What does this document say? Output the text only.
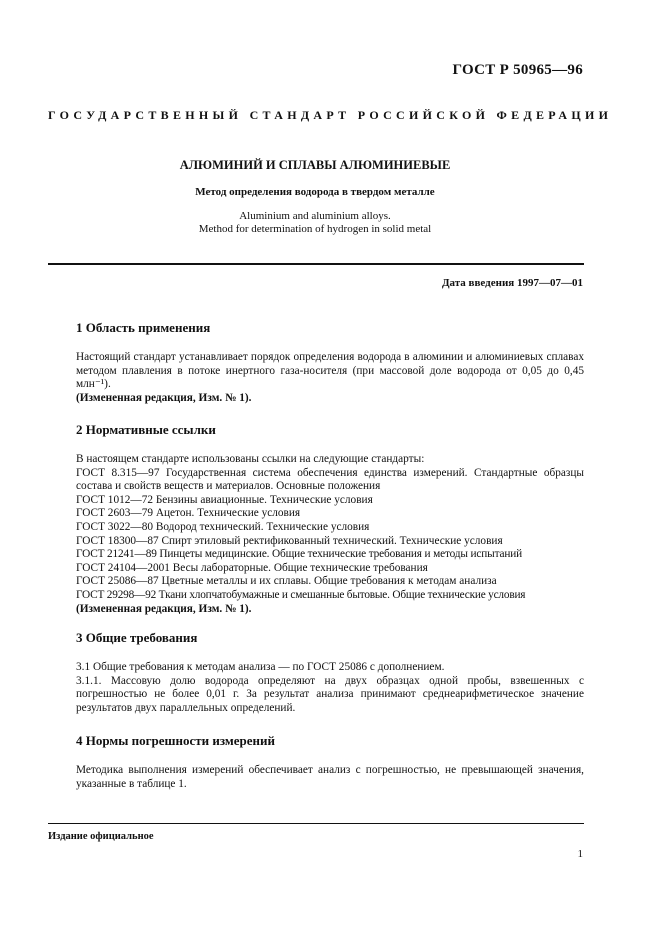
ГОСТ Р 50965—96
ГОСУДАРСТВЕННЫЙ СТАНДАРТ РОССИЙСКОЙ ФЕДЕРАЦИИ
АЛЮМИНИЙ И СПЛАВЫ АЛЮМИНИЕВЫЕ
Метод определения водорода в твердом металле
Aluminium and aluminium alloys.
Method for determination of hydrogen in solid metal
Дата введения 1997—07—01
1 Область применения

Настоящий стандарт устанавливает порядок определения водорода в алюминии и алюминиевых сплавах методом плавления в потоке инертного газа-носителя (при массовой доле водорода от 0,05 до 0,45 млн⁻¹).

(Измененная редакция, Изм. № 1).

2 Нормативные ссылки

В настоящем стандарте использованы ссылки на следующие стандарты:

ГОСТ 8.315—97 Государственная система обеспечения единства измерений. Стандартные образцы состава и свойств веществ и материалов. Основные положения

ГОСТ 1012—72 Бензины авиационные. Технические условия

ГОСТ 2603—79 Ацетон. Технические условия

ГОСТ 3022—80 Водород технический. Технические условия

ГОСТ 18300—87 Спирт этиловый ректификованный технический. Технические условия

ГОСТ 21241—89 Пинцеты медицинские. Общие технические требования и методы испытаний

ГОСТ 24104—2001 Весы лабораторные. Общие технические требования

ГОСТ 25086—87 Цветные металлы и их сплавы. Общие требования к методам анализа

ГОСТ 29298—92 Ткани хлопчатобумажные и смешанные бытовые. Общие технические условия

(Измененная редакция, Изм. № 1).

3 Общие требования

3.1 Общие требования к методам анализа — по ГОСТ 25086 с дополнением.

3.1.1. Массовую долю водорода определяют на двух образцах одной пробы, взвешенных с погрешностью не более 0,01 г. За результат анализа принимают среднеарифметическое значение результатов двух параллельных определений.

4 Нормы погрешности измерений

Методика выполнения измерений обеспечивает анализ с погрешностью, не превышающей значения, указанные в таблице 1.

Издание официальное
1
